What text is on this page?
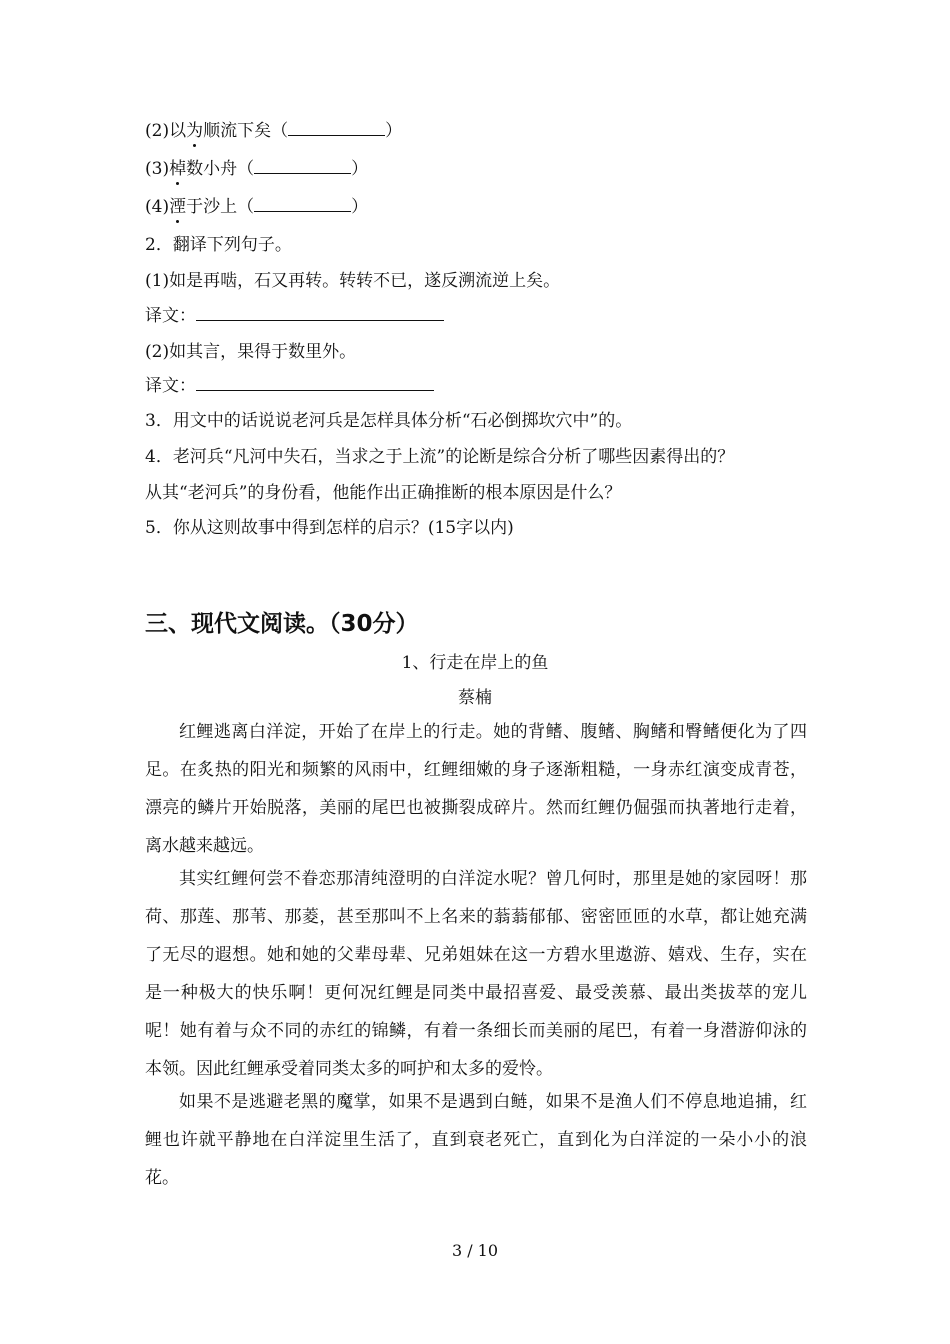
(2)以为顺流下矣（	）
(3)棹数小舟（	）
(4)湮于沙上（	）
2．翻译下列句子。
(1)如是再啮，石又再转。转转不已，遂反溯流逆上矣。
译文：
(2)如其言，果得于数里外。
译文：
3．用文中的话说说老河兵是怎样具体分析“石必倒掷坎穴中”的。
4．老河兵“凡河中失石，当求之于上流”的论断是综合分析了哪些因素得出的？
从其“老河兵”的身份看，他能作出正确推断的根本原因是什么？
5．你从这则故事中得到怎样的启示？(15字以内)
三、现代文阅读。（30分）
1、行走在岸上的鱼
蔡楠
红鲤逃离白洋淀，开始了在岸上的行走。她的背鳍、腹鳍、胸鳍和臀鳍便化为了四足。在炙热的阳光和频繁的风雨中，红鲤细嫩的身子逐渐粗糙，一身赤红演变成青苍，漂亮的鳞片开始脱落，美丽的尾巴也被撕裂成碎片。然而红鲤仍倔强而执著地行走着，离水越来越远。
其实红鲤何尝不眷恋那清纯澄明的白洋淀水呢？曾几何时，那里是她的家园呀！那荷、那莲、那苇、那菱，甚至那叫不上名来的蓊蓊郁郁、密密匝匝的水草，都让她充满了无尽的遐想。她和她的父辈母辈、兄弟姐妹在这一方碧水里遨游、嬉戏、生存，实在是一种极大的快乐啊！更何况红鲤是同类中最招喜爱、最受羡慕、最出类拔萃的宠儿呢！她有着与众不同的赤红的锦鳞，有着一条细长而美丽的尾巴，有着一身潜游仰泳的本领。因此红鲤承受着同类太多的呵护和太多的爱怜。
如果不是逃避老黑的魔掌，如果不是遇到白鲢，如果不是渔人们不停息地追捕，红鲤也许就平静地在白洋淀里生活了，直到衰老死亡，直到化为白洋淀的一朵小小的浪花。
3 / 10
